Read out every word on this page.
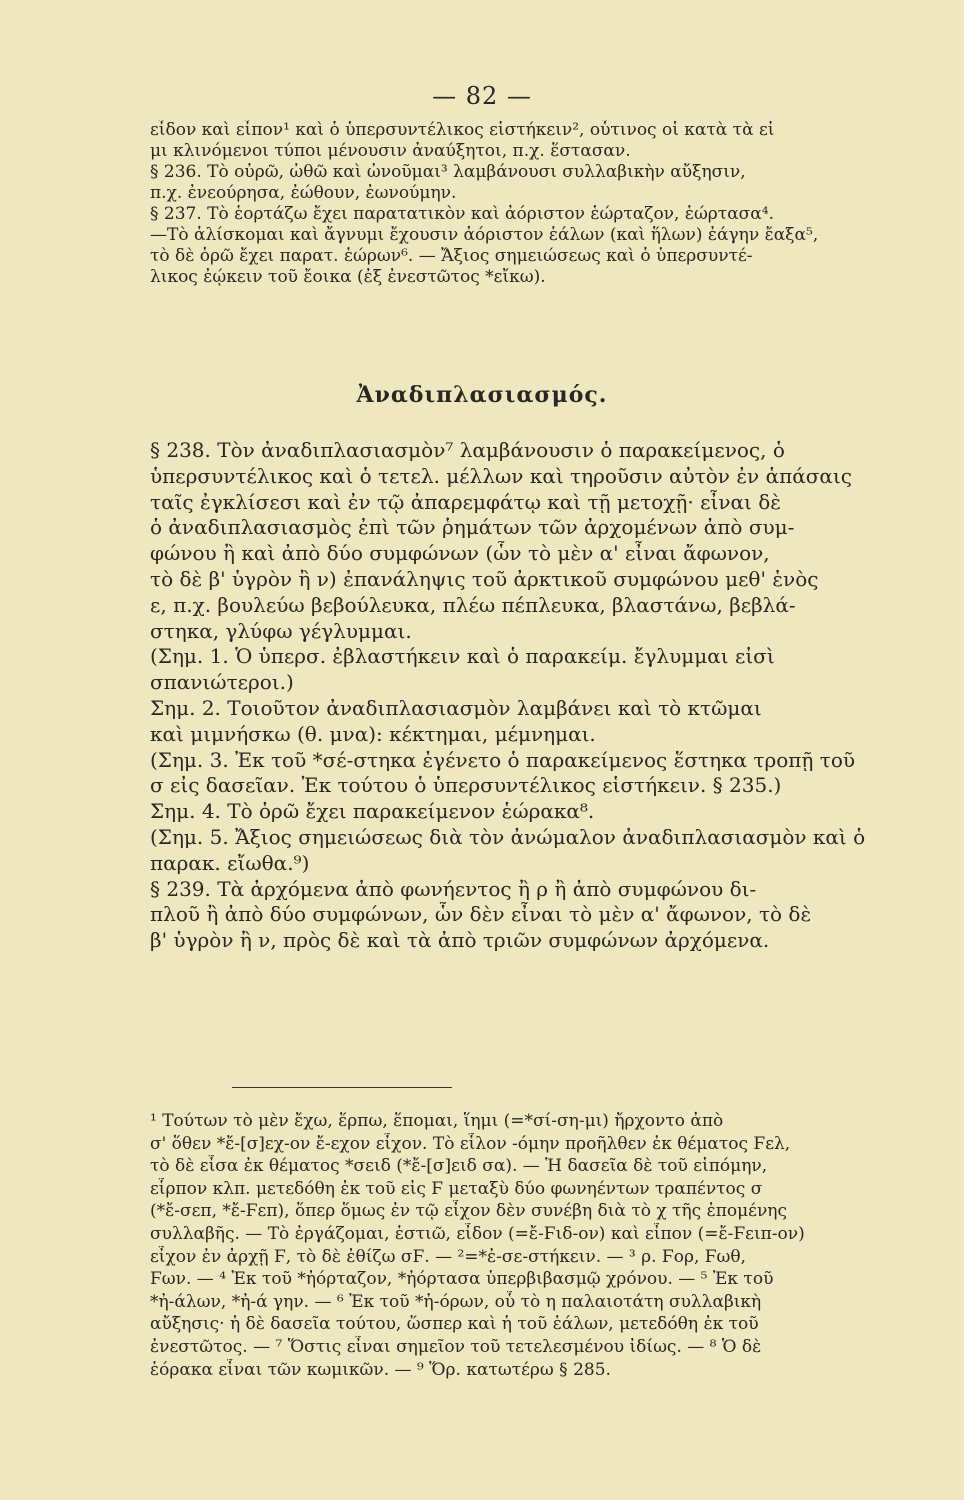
— 82 —
εἶδον καὶ εἶπον¹ καὶ ὁ ὑπερσυντέλικος εἱστήκειν², οὗτινος οἱ κατὰ τὰ εἰ
μι κλινόμενοι τύποι μένουσιν ἀναύξητοι, π.χ. ἕστασαν.
§ 236. Τὸ οὐρῶ, ὠθῶ καὶ ὠνοῦμαι³ λαμβάνουσι συλλαβικὴν αὔξησιν,
π.χ. ἐνεούρησα, ἐώθουν, ἐωνούμην.
§ 237. Τὸ ἑορτάζω ἔχει παρατατικὸν καὶ ἀόριστον ἑώρταζον, ἑώρτασα⁴.
—Τὸ ἁλίσκομαι καὶ ἄγνυμι ἔχουσιν ἀόριστον ἑάλων (καὶ ἥλων) ἐάγην ἔαξα⁵,
τὸ δὲ ὁρῶ ἔχει παρατ. ἑώρων⁶. — Ἄξιος σημειώσεως καὶ ὁ ὑπερσυντέ-
λικος ἐῴκειν τοῦ ἔοικα (ἐξ ἐνεστῶτος *εἴκω).
Ἀναδιπλασιασμός.
§ 238. Τὸν ἀναδιπλασιασμὸν⁷ λαμβάνουσιν ὁ παρακείμενος, ὁ
ὑπερσυντέλικος καὶ ὁ τετελ. μέλλων καὶ τηροῦσιν αὐτὸν ἐν ἁπάσαις
ταῖς ἐγκλίσεσι καὶ ἐν τῷ ἀπαρεμφάτῳ καὶ τῇ μετοχῇ· εἶναι δὲ
ὁ ἀναδιπλασιασμὸς ἐπὶ τῶν ῥημάτων τῶν ἀρχομένων ἀπὸ συμ-
φώνου ἢ καὶ ἀπὸ δύο συμφώνων (ὧν τὸ μὲν α' εἶναι ἄφωνον,
τὸ δὲ β' ὑγρὸν ἢ ν) ἐπανάληψις τοῦ ἀρκτικοῦ συμφώνου μεθ' ἑνὸς
ε, π.χ. βουλεύω βεβούλευκα, πλέω πέπλευκα, βλαστάνω, βεβλά-
στηκα, γλύφω γέγλυμμαι.
(Σημ. 1. Ὁ ὑπερσ. ἐβλαστήκειν καὶ ὁ παρακείμ. ἔγλυμμαι εἰσὶ
σπανιώτεροι.)
Σημ. 2. Τοιοῦτον ἀναδιπλασιασμὸν λαμβάνει καὶ τὸ κτῶμαι
καὶ μιμνήσκω (θ. μνα): κέκτημαι, μέμνημαι.
(Σημ. 3. Ἐκ τοῦ *σέ-στηκα ἐγένετο ὁ παρακείμενος ἕστηκα τροπῇ τοῦ
σ εἰς δασεῖαν. Ἐκ τούτου ὁ ὑπερσυντέλικος εἱστήκειν. § 235.)
Σημ. 4. Τὸ ὁρῶ ἔχει παρακείμενον ἑώρακα⁸.
(Σημ. 5. Ἄξιος σημειώσεως διὰ τὸν ἀνώμαλον ἀναδιπλασιασμὸν καὶ ὁ
παρακ. εἴωθα.⁹)
§ 239. Τὰ ἀρχόμενα ἀπὸ φωνήεντος ἢ ρ ἢ ἀπὸ συμφώνου δι-
πλοῦ ἢ ἀπὸ δύο συμφώνων, ὧν δὲν εἶναι τὸ μὲν α' ἄφωνον, τὸ δὲ
β' ὑγρὸν ἢ ν, πρὸς δὲ καὶ τὰ ἀπὸ τριῶν συμφώνων ἀρχόμενα.
¹ Τούτων τὸ μὲν ἔχω, ἕρπω, ἕπομαι, ἵημι (=*σί-ση-μι) ἤρχοντο ἀπὸ
σ' ὅθεν *ἔ-[σ]εχ-ον ἔ-εχον εἶχον. Τὸ εἷλον -όμην προῆλθεν ἐκ θέματος Ϝελ,
τὸ δὲ εἶσα ἐκ θέματος *σειδ (*ἔ-[σ]ειδ σα). — Ἡ δασεῖα δὲ τοῦ εἱπόμην,
εἷρπον κλπ. μετεδόθη ἐκ τοῦ εἰς Ϝ μεταξὺ δύο φωνηέντων τραπέντος σ
(*ἔ-σεπ, *ἔ-Ϝεπ), ὅπερ ὅμως ἐν τῷ εἶχον δὲν συνέβη διὰ τὸ χ τῆς ἑπομένης
συλλαβῆς. — Τὸ ἐργάζομαι, ἑστιῶ, εἶδον (=ἔ-Ϝιδ-ον) καὶ εἶπον (=ἔ-Ϝειπ-ον)
εἶχον ἐν ἀρχῇ Ϝ, τὸ δὲ ἐθίζω σϜ. — ²=*ἐ-σε-στήκειν. — ³ ρ. Ϝορ, Ϝωθ,
Ϝων. — ⁴ Ἐκ τοῦ *ἠόρταζον, *ἠόρτασα ὑπερβιβασμῷ χρόνου. — ⁵ Ἐκ τοῦ
*ἠ-άλων, *ἠ-ά γην. — ⁶ Ἐκ τοῦ *ἠ-όρων, οὗ τὸ η παλαιοτάτη συλλαβικὴ
αὔξησις· ἡ δὲ δασεῖα τούτου, ὥσπερ καὶ ἡ τοῦ ἑάλων, μετεδόθη ἐκ τοῦ
ἐνεστῶτος. — ⁷ Ὅστις εἶναι σημεῖον τοῦ τετελεσμένου ἰδίως. — ⁸ Ὁ δὲ
ἑόρακα εἶναι τῶν κωμικῶν. — ⁹ Ὅρ. κατωτέρω § 285.
